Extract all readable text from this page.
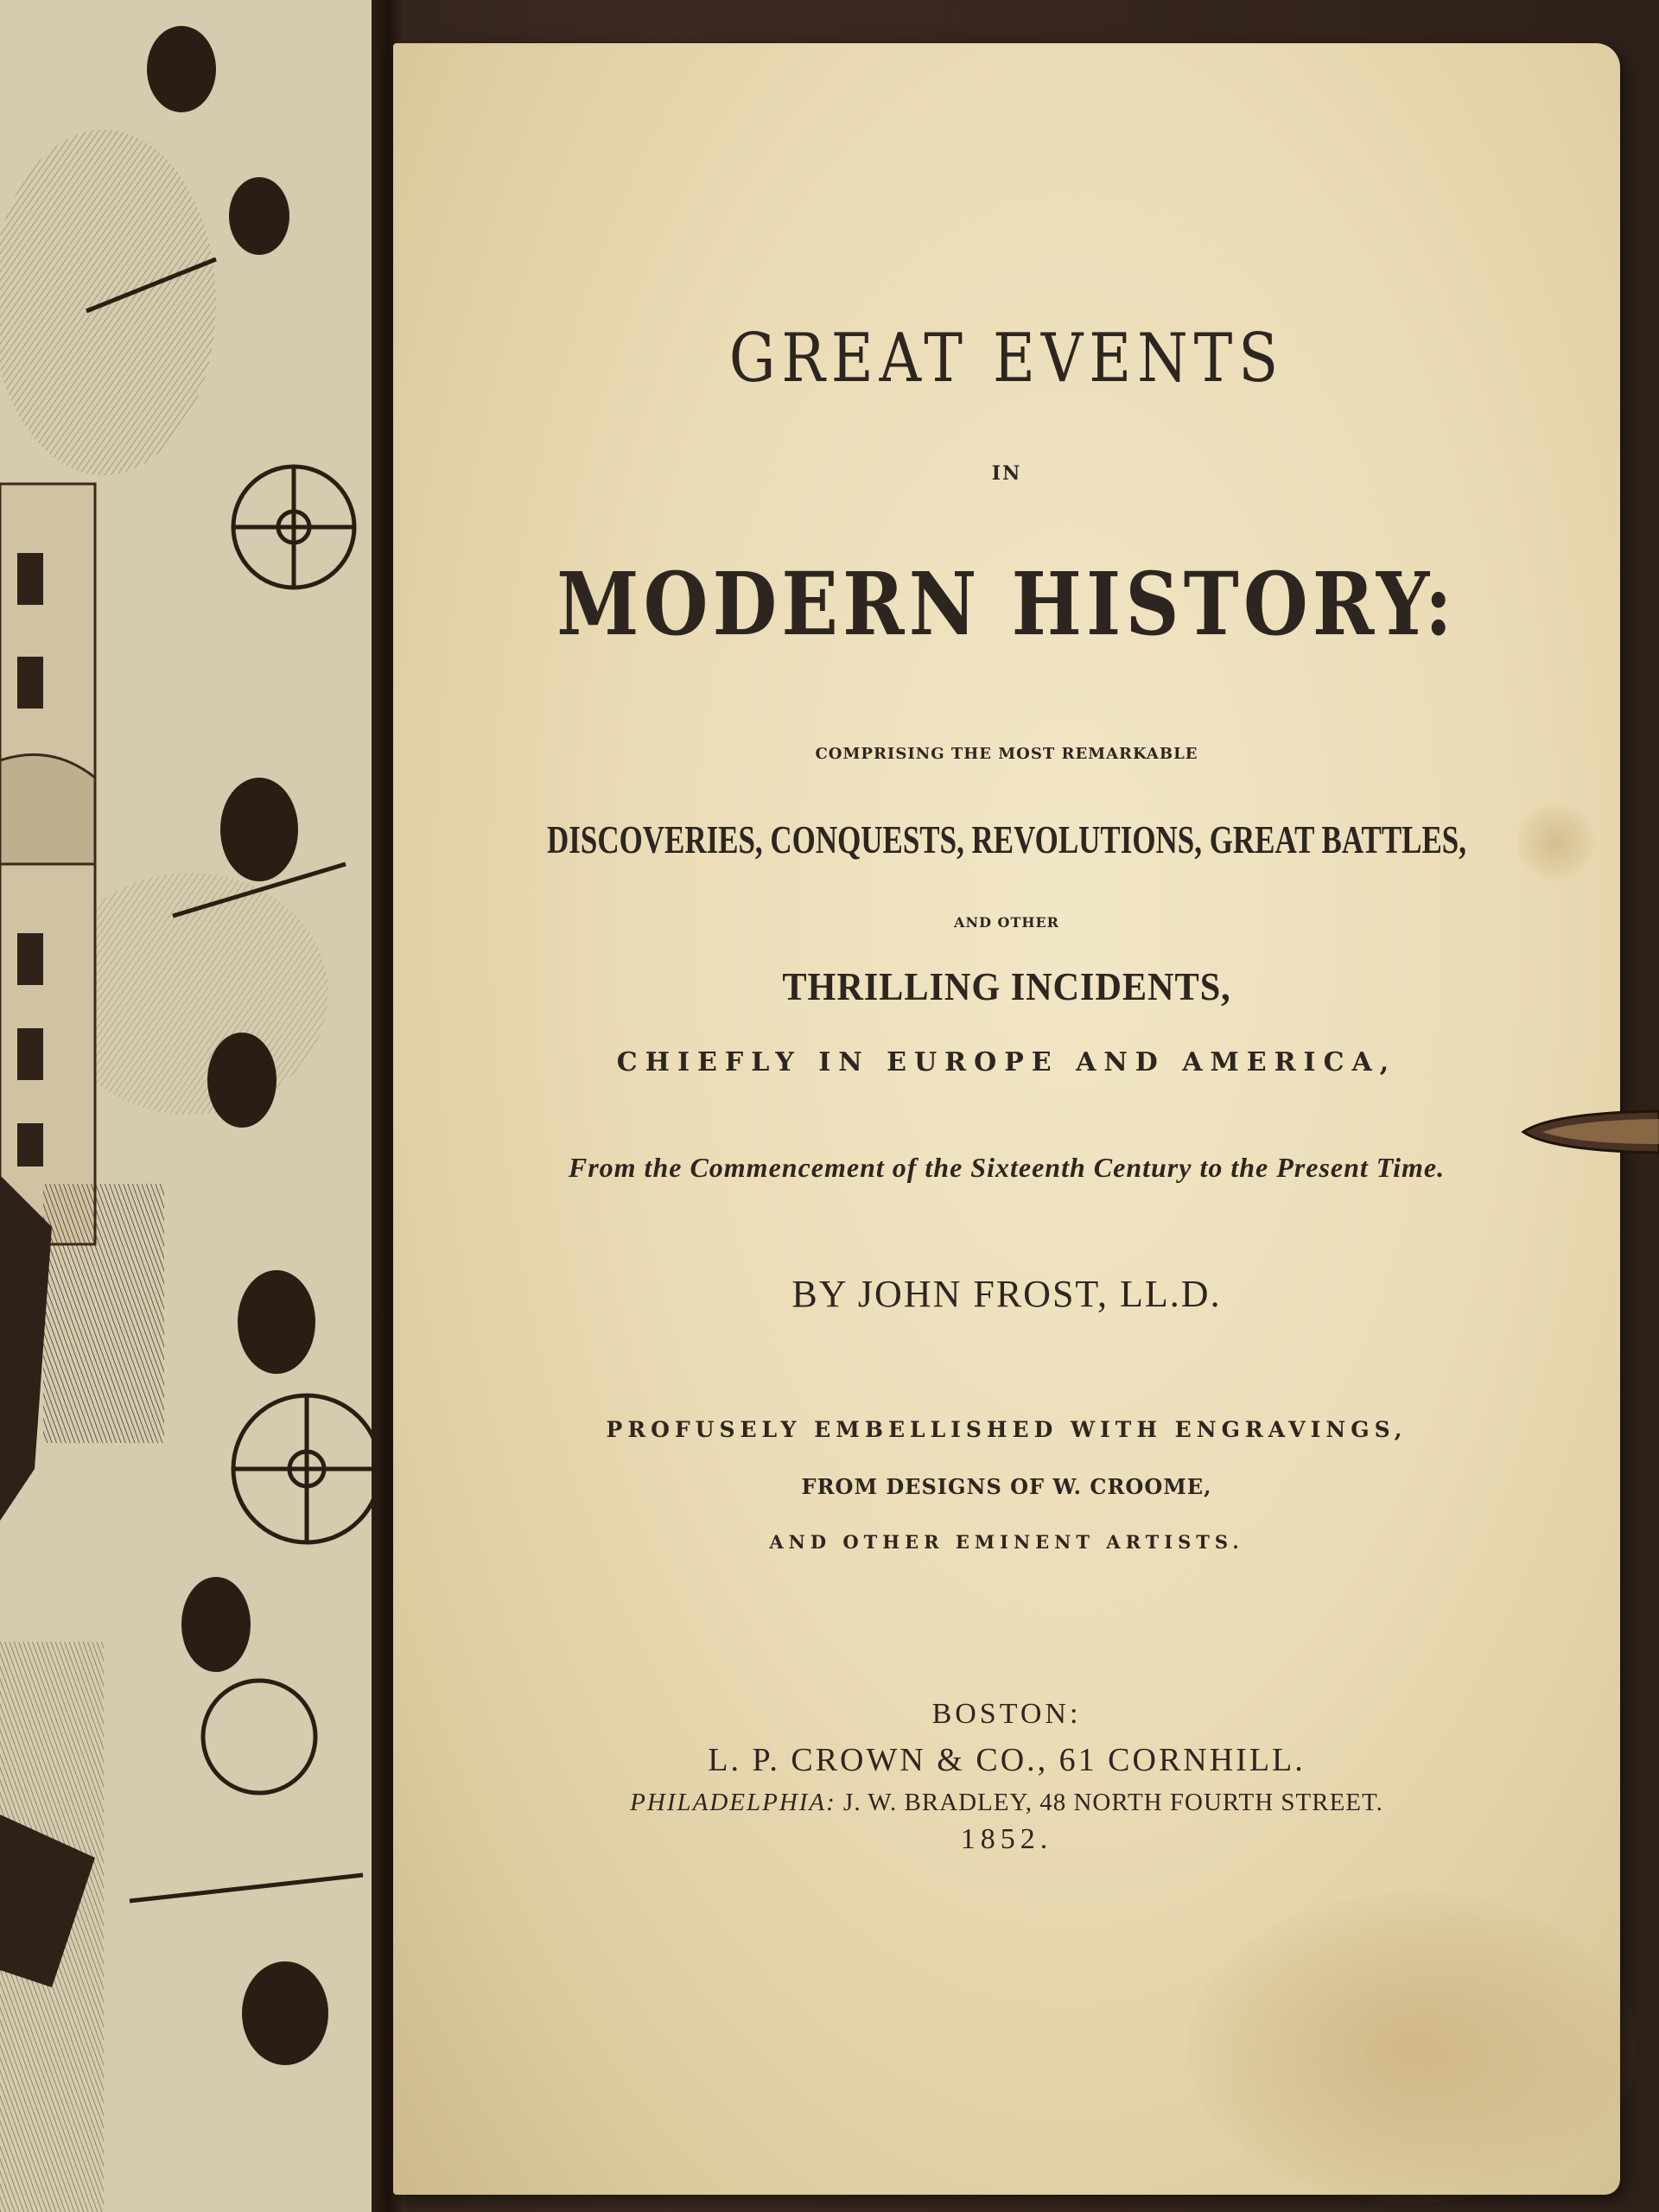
GREAT EVENTS

IN

MODERN HISTORY:

COMPRISING THE MOST REMARKABLE

DISCOVERIES, CONQUESTS, REVOLUTIONS, GREAT BATTLES,

AND OTHER

THRILLING INCIDENTS,

CHIEFLY IN EUROPE AND AMERICA,

From the Commencement of the Sixteenth Century to the Present Time.

BY JOHN FROST, LL.D.

PROFUSELY EMBELLISHED WITH ENGRAVINGS,

FROM DESIGNS OF W. CROOME,

AND OTHER EMINENT ARTISTS.

BOSTON:

L. P. CROWN & CO., 61 CORNHILL.

PHILADELPHIA: J. W. BRADLEY, 48 NORTH FOURTH STREET.

1852.
